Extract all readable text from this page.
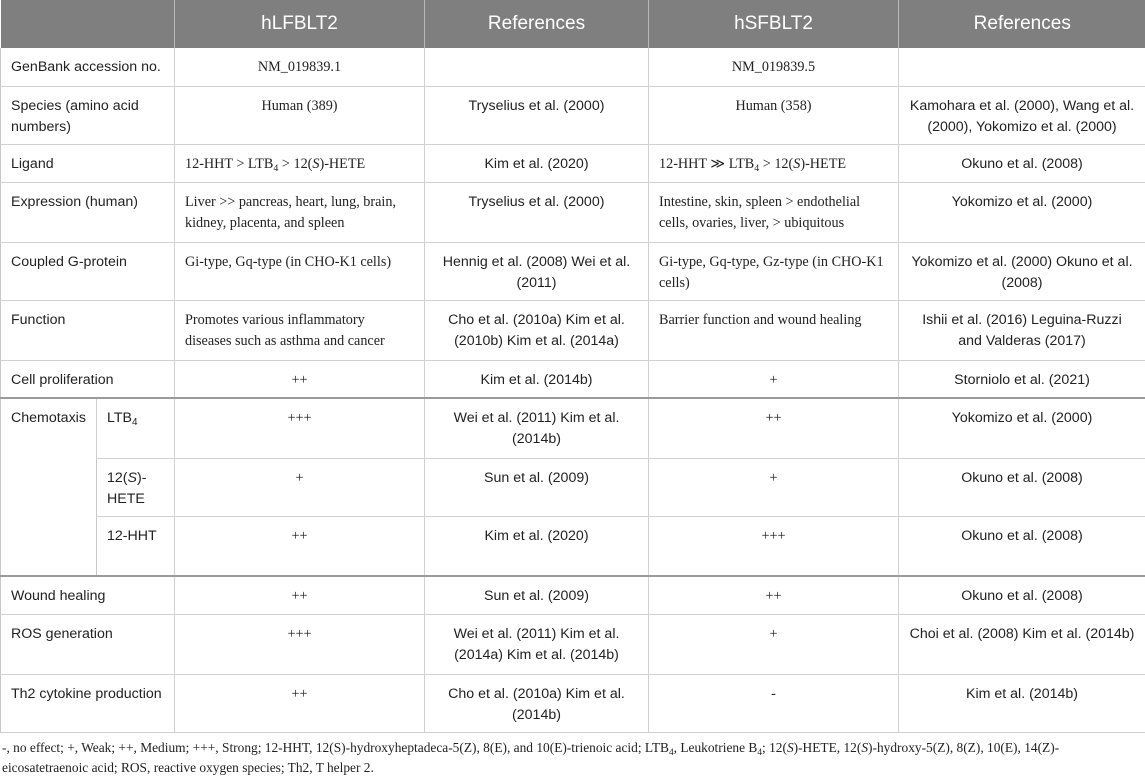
		hLFBLT2	References	hSFBLT2	References
GenBank accession no.		NM_019839.1		NM_019839.5	
Species (amino acid numbers)		Human (389)	Tryselius et al. (2000)	Human (358)	Kamohara et al. (2000), Wang et al. (2000), Yokomizo et al. (2000)
Ligand		$12-HHT > LTB_4$ > 12(S)-HETE	Kim et al. (2020)	12-HHT ≫ $LTB_4$ > 12(S)-HETE	Okuno et al. (2008)
Expression (human)		Liver >> pancreas, heart, lung, brain, kidney, placenta, and spleen	Tryselius et al. (2000)	Intestine, skin, spleen > endothelial cells, ovaries, liver, > ubiquitous	Yokomizo et al. (2000)
Coupled G-protein		Gi-type, Gq-type (in CHO-K1 cells)	Hennig et al. (2008) Wei et al. (2011)	Gi-type, Gq-type, Gz-type (in CHO-K1 cells)	Yokomizo et al. (2000) Okuno et al. (2008)
Function		Promotes various inflammatory diseases such as asthma and cancer	Cho et al. (2010a) Kim et al. (2010b) Kim et al. (2014a)	Barrier function and wound healing	Ishii et al. (2016) Leguina-Ruzzi and Valderas (2017)
Cell proliferation		++	Kim et al. (2014b)	+	Storniolo et al. (2021)
Chemotaxis	$LTB_4$	+++	Wei et al. (2011) Kim et al. (2014b)	++	Yokomizo et al. (2000)
	12(S)-HETE	+	Sun et al. (2009)	+	Okuno et al. (2008)
	12-HHT	++	Kim et al. (2020)	+++	Okuno et al. (2008)
Wound healing		++	Sun et al. (2009)	++	Okuno et al. (2008)
ROS generation		+++	Wei et al. (2011) Kim et al. (2014a) Kim et al. (2014b)	+	Choi et al. (2008) Kim et al. (2014b)
Th2 cytokine production		++	Cho et al. (2010a) Kim et al. (2014b)	-	Kim et al. (2014b)
-, no effect; +, Weak; ++, Medium; +++, Strong; 12-HHT, 12(S)-hydroxyheptadeca-5(Z), 8(E), and 10(E)-trienoic acid; $LTB_4$, Leukotriene $B_4$; 12(S)-HETE, 12(S)-hydroxy-5(Z), 8(Z), 10(E), 14(Z)-eicosatetraenoic acid; ROS, reactive oxygen species; Th2, T helper 2.
